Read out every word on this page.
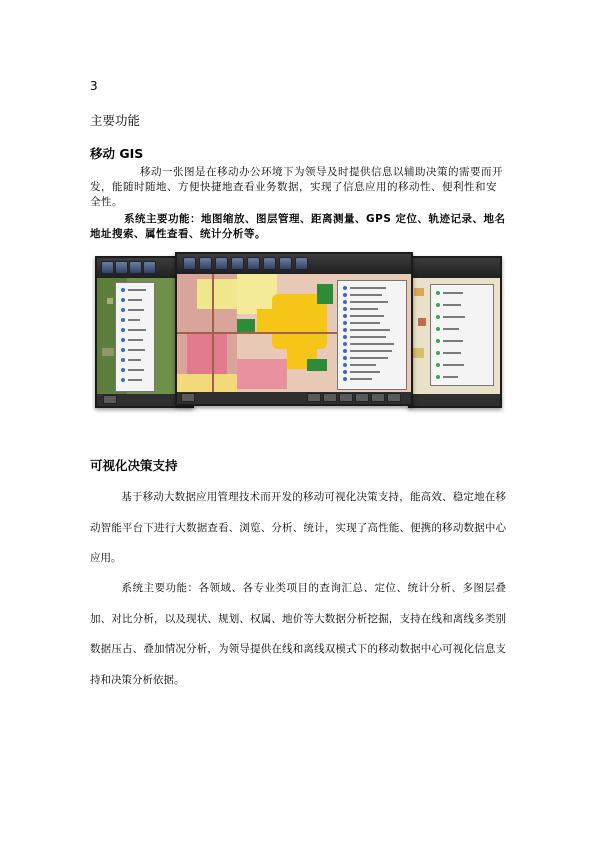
3
主要功能
移动 GIS
移动一张图是在移动办公环境下为领导及时提供信息以辅助决策的需要而开发，能随时随地、方便快捷地查看业务数据，实现了信息应用的移动性、便利性和安全性。
系统主要功能：地图缩放、图层管理、距离测量、GPS 定位、轨迹记录、地名地址搜索、属性查看、统计分析等。
可视化决策支持
基于移动大数据应用管理技术而开发的移动可视化决策支持，能高效、稳定地在移动智能平台下进行大数据查看、浏览、分析、统计，实现了高性能、便携的移动数据中心应用。
系统主要功能：各领域、各专业类项目的查询汇总、定位、统计分析、多图层叠加、对比分析，以及现状、规划、权属、地价等大数据分析挖掘，支持在线和离线多类别数据压占、叠加情况分析，为领导提供在线和离线双模式下的移动数据中心可视化信息支持和决策分析依据。
